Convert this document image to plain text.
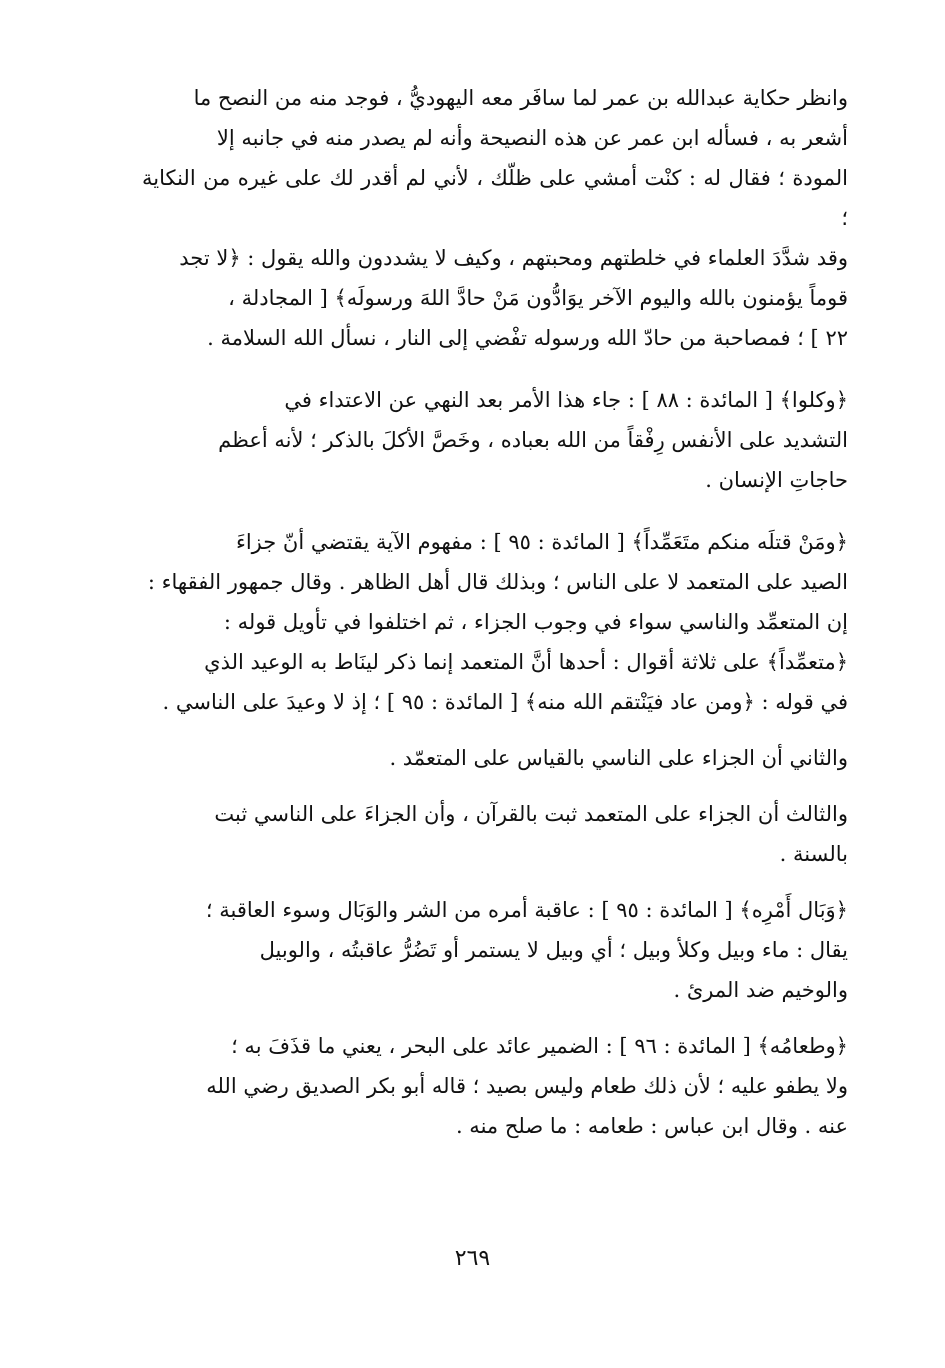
وانظر حكاية عبدالله بن عمر لما سافَر معه اليهوديُّ ، فوجد منه من النصح ما
أشعر به ، فسأله ابن عمر عن هذه النصيحة وأنه لم يصدر منه في جانبه إلا
المودة ؛ فقال له : كنْت أمشي على ظلّك ، لأني لم أقدر لك على غيره من النكاية ؛
وقد شدَّدَ العلماء في خلطتهم ومحبتهم ، وكيف لا يشددون والله يقول : ﴿لا تجد
قوماً يؤمنون بالله واليوم الآخر يوَادُّون مَنْ حادَّ اللهَ ورسولَه﴾ [ المجادلة ،
٢٢ ] ؛ فمصاحبة من حادّ الله ورسوله تفْضي إلى النار ، نسأل الله السلامة .
﴿وكلوا﴾ [ المائدة : ٨٨ ] : جاء هذا الأمر بعد النهي عن الاعتداء في
التشديد على الأنفس رِفْقاً من الله بعباده ، وخَصَّ الأكلَ بالذكر ؛ لأنه أعظم
حاجاتِ الإنسان .
﴿ومَنْ قتلَه منكم متَعَمِّداً﴾ [ المائدة : ٩٥ ] : مفهوم الآية يقتضي أنّ جزاءَ
الصيد على المتعمد لا على الناس ؛ وبذلك قال أهل الظاهر . وقال جمهور الفقهاء :
إن المتعمِّد والناسي سواء في وجوب الجزاء ، ثم اختلفوا في تأويل قوله :
﴿متعمِّداً﴾ على ثلاثة أقوال : أحدها أنَّ المتعمد إنما ذكر لينَاط به الوعيد الذي
في قوله : ﴿ومن عاد فيَنْتقم الله منه﴾ [ المائدة : ٩٥ ] ؛ إذ لا وعيدَ على الناسي .
والثاني أن الجزاء على الناسي بالقياس على المتعمّد .
والثالث أن الجزاء على المتعمد ثبت بالقرآن ، وأن الجزاءَ على الناسي ثبت
بالسنة .
﴿وَبَال أَمْرِه﴾ [ المائدة : ٩٥ ] : عاقبة أمره من الشر والوَبَال وسوء العاقبة ؛
يقال : ماء وبيل وكلأ وبيل ؛ أي وبيل لا يستمر أو تَضُرُّ عاقبتُه ، والوبيل
والوخيم ضد المرئ .
﴿وطعامُه﴾ [ المائدة : ٩٦ ] : الضمير عائد على البحر ، يعني ما قذَفَ به ؛
ولا يطفو عليه ؛ لأن ذلك طعام وليس بصيد ؛ قاله أبو بكر الصديق رضي الله
عنه . وقال ابن عباس : طعامه : ما صلح منه .
٢٦٩
